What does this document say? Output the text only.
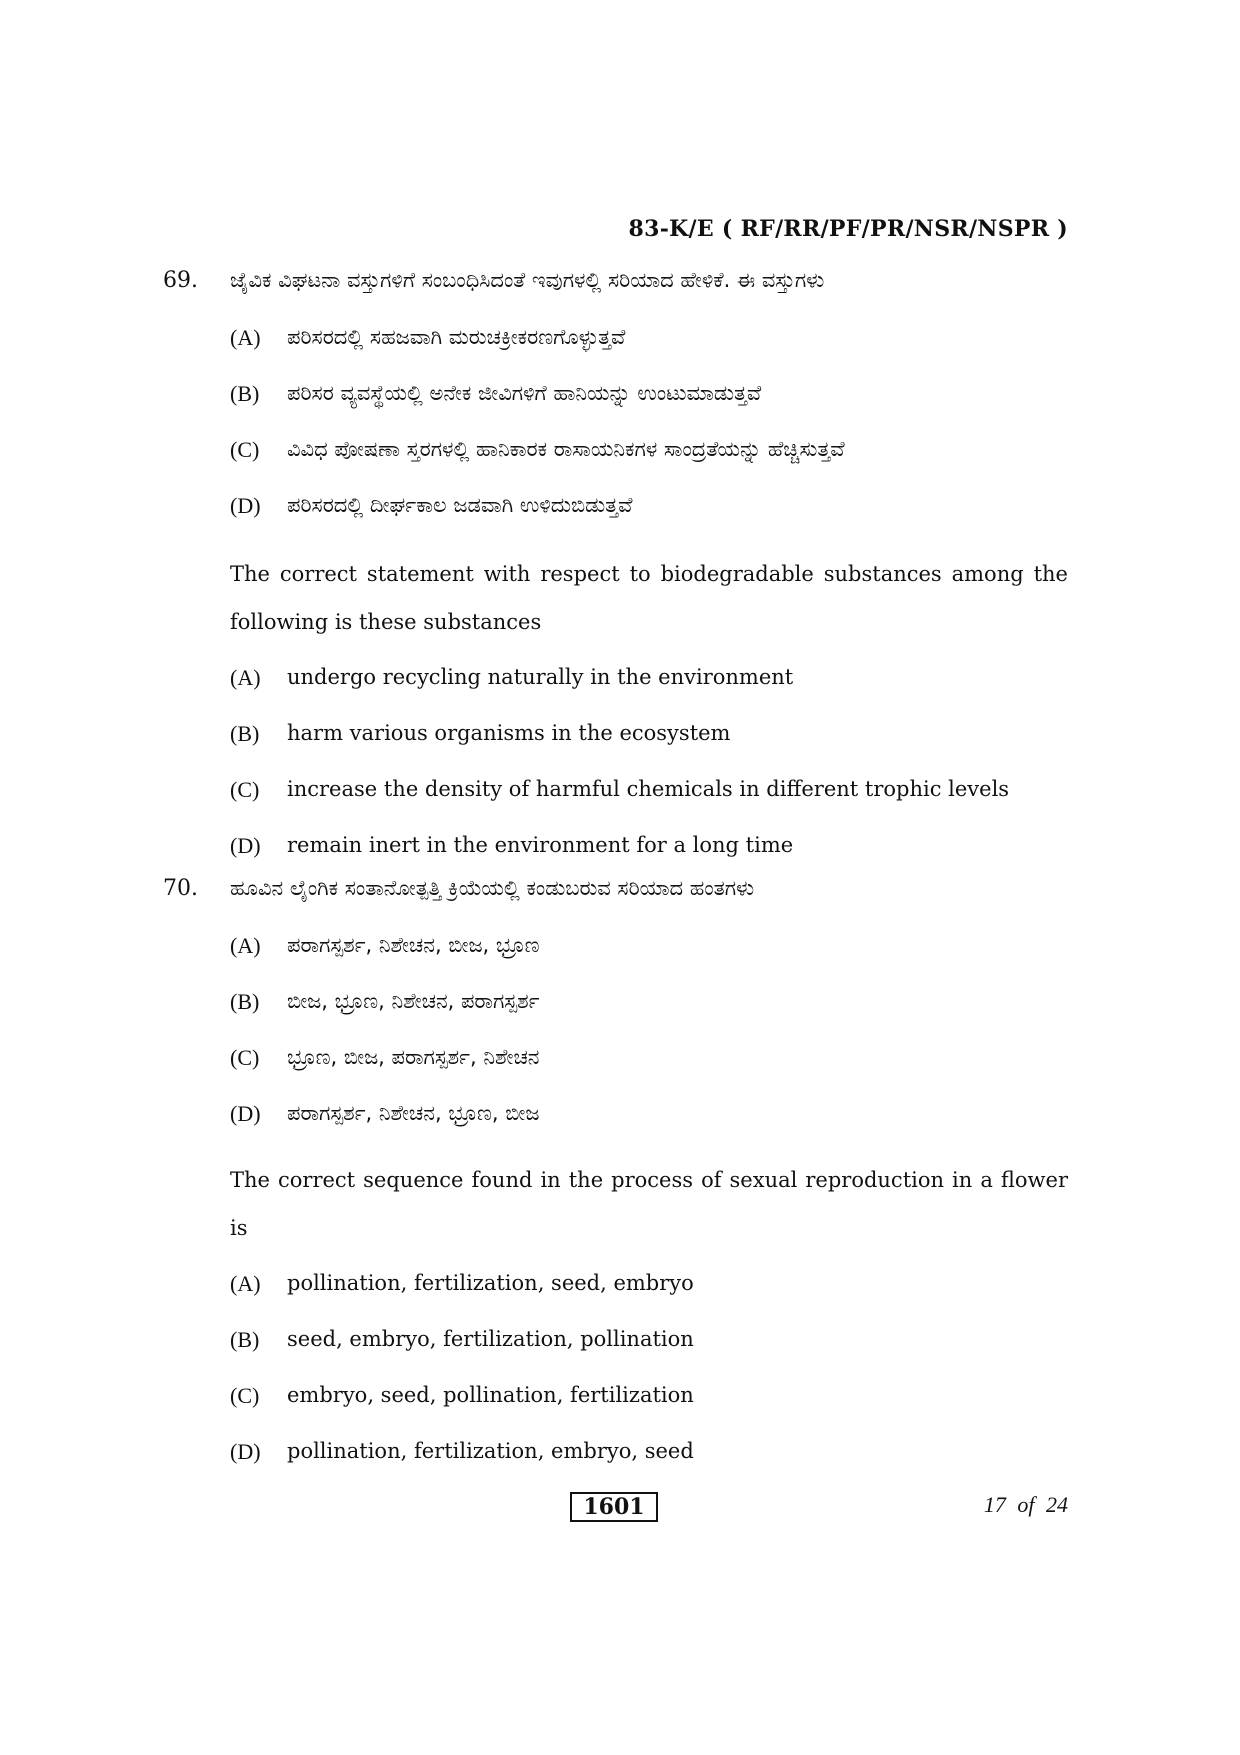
83-K/E ( RF/RR/PF/PR/NSR/NSPR )
69. ಜೈವಿಕ ವಿಘಟನಾ ವಸ್ತುಗಳಿಗೆ ಸಂಬಂಧಿಸಿದಂತೆ ಇವುಗಳಲ್ಲಿ ಸರಿಯಾದ ಹೇಳಿಕೆ. ಈ ವಸ್ತುಗಳು
(A)	ಪರಿಸರದಲ್ಲಿ ಸಹಜವಾಗಿ ಮರುಚಕ್ರೀಕರಣಗೊಳ್ಳುತ್ತವೆ
(B)	ಪರಿಸರ ವ್ಯವಸ್ಥೆಯಲ್ಲಿ ಅನೇಕ ಜೀವಿಗಳಿಗೆ ಹಾನಿಯನ್ನು ಉಂಟುಮಾಡುತ್ತವೆ
(C)	ವಿವಿಧ ಪೋಷಣಾ ಸ್ತರಗಳಲ್ಲಿ ಹಾನಿಕಾರಕ ರಾಸಾಯನಿಕಗಳ ಸಾಂದ್ರತೆಯನ್ನು ಹೆಚ್ಚಿಸುತ್ತವೆ
(D)	ಪರಿಸರದಲ್ಲಿ ದೀರ್ಘಕಾಲ ಜಡವಾಗಿ ಉಳಿದುಬಿಡುತ್ತವೆ
The correct statement with respect to biodegradable substances among the following is these substances
(A)	undergo recycling naturally in the environment
(B)	harm various organisms in the ecosystem
(C)	increase the density of harmful chemicals in different trophic levels
(D)	remain inert in the environment for a long time
70. ಹೂವಿನ ಲೈಂಗಿಕ ಸಂತಾನೋತ್ಪತ್ತಿ ಕ್ರಿಯೆಯಲ್ಲಿ ಕಂಡುಬರುವ ಸರಿಯಾದ ಹಂತಗಳು
(A)	ಪರಾಗಸ್ಪರ್ಶ, ನಿಶೇಚನ, ಬೀಜ, ಭ್ರೂಣ
(B)	ಬೀಜ, ಭ್ರೂಣ, ನಿಶೇಚನ, ಪರಾಗಸ್ಪರ್ಶ
(C)	ಭ್ರೂಣ, ಬೀಜ, ಪರಾಗಸ್ಪರ್ಶ, ನಿಶೇಚನ
(D)	ಪರಾಗಸ್ಪರ್ಶ, ನಿಶೇಚನ, ಭ್ರೂಣ, ಬೀಜ
The correct sequence found in the process of sexual reproduction in a flower is
(A)	pollination, fertilization, seed, embryo
(B)	seed, embryo, fertilization, pollination
(C)	embryo, seed, pollination, fertilization
(D)	pollination, fertilization, embryo, seed
1601	17 of 24
